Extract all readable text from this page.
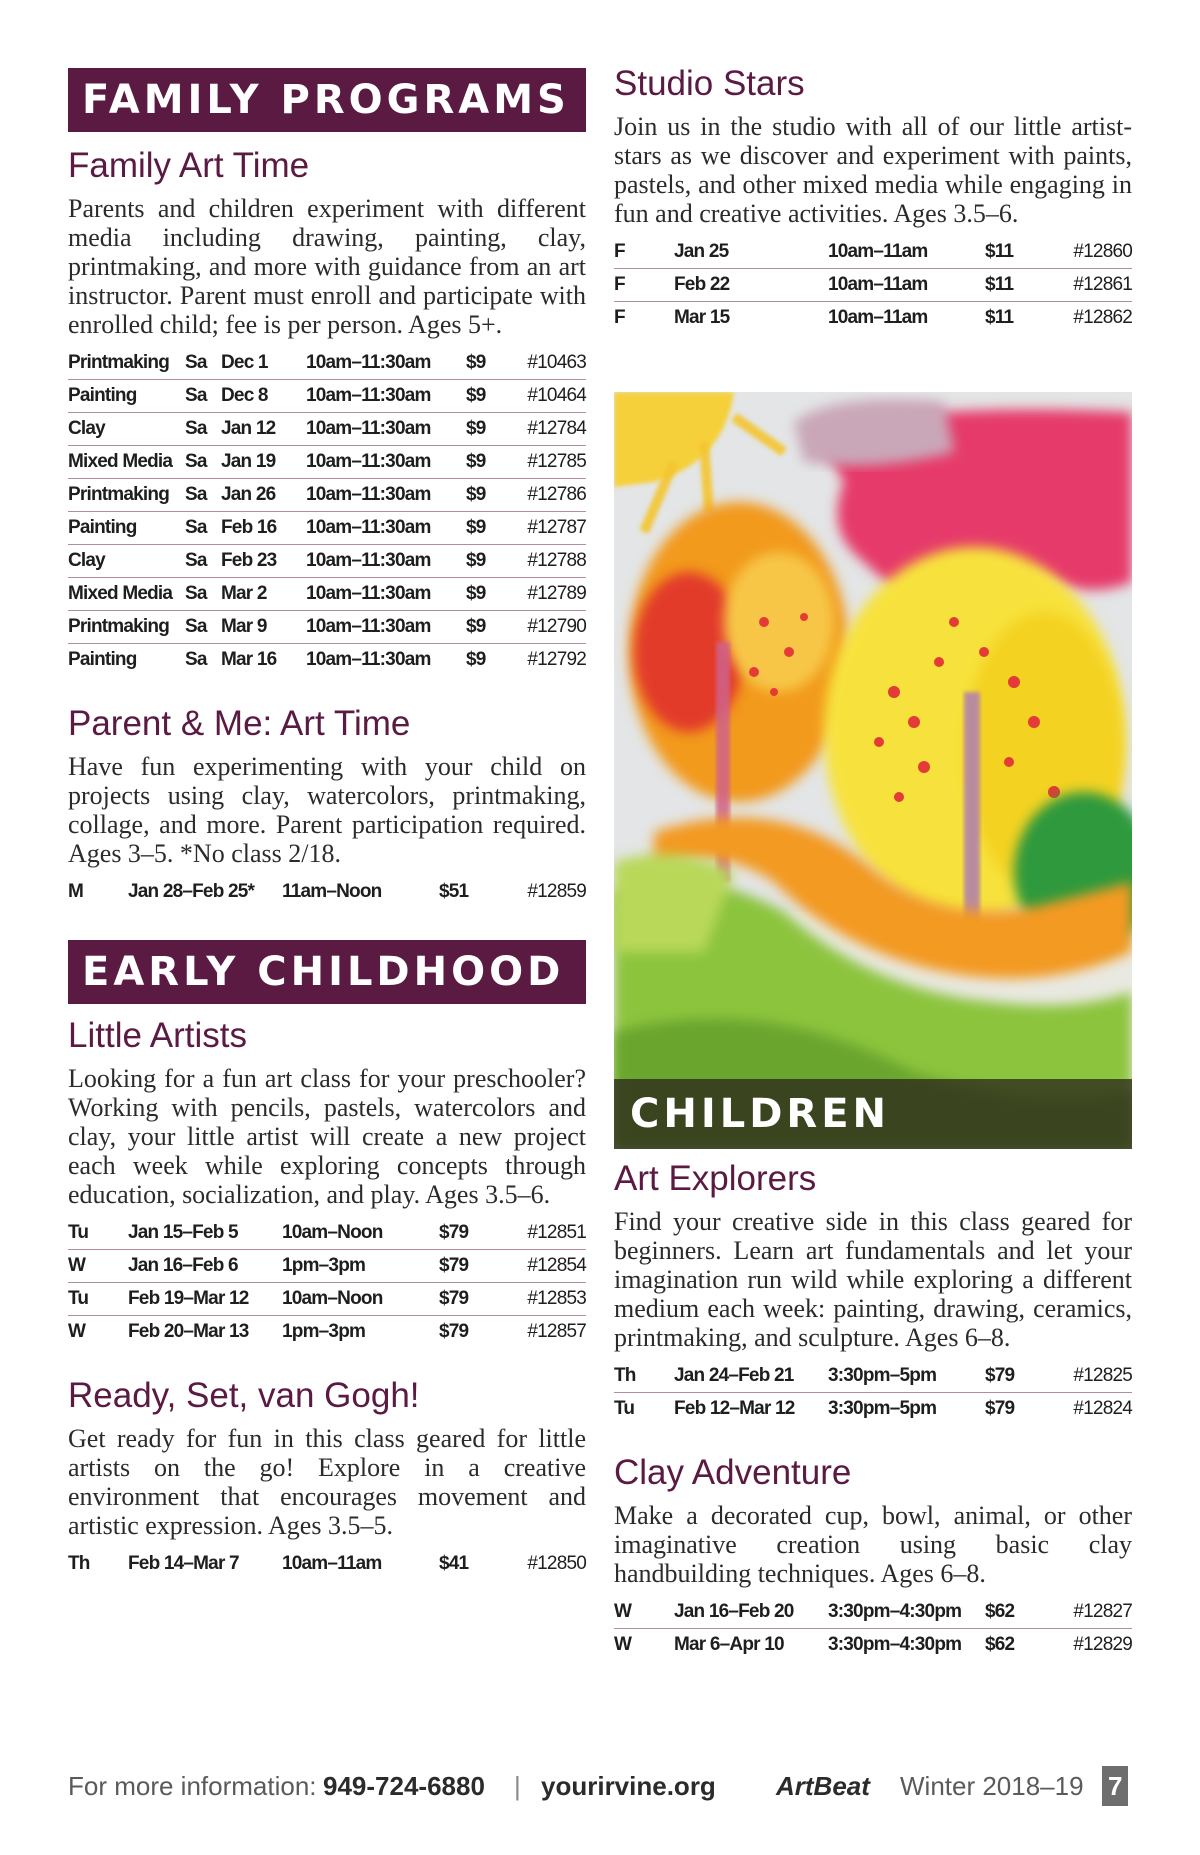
FAMILY PROGRAMS
Family Art Time

Parents and children experiment with different media including drawing, painting, clay, printmaking, and more with guidance from an art instructor. Parent must enroll and participate with enrolled child; fee is per person. Ages 5+.

Printmaking	Sa	Dec 1	10am–11:30am	$9	#10463
Painting	Sa	Dec 8	10am–11:30am	$9	#10464
Clay	Sa	Jan 12	10am–11:30am	$9	#12784
Mixed Media	Sa	Jan 19	10am–11:30am	$9	#12785
Printmaking	Sa	Jan 26	10am–11:30am	$9	#12786
Painting	Sa	Feb 16	10am–11:30am	$9	#12787
Clay	Sa	Feb 23	10am–11:30am	$9	#12788
Mixed Media	Sa	Mar 2	10am–11:30am	$9	#12789
Printmaking	Sa	Mar 9	10am–11:30am	$9	#12790
Painting	Sa	Mar 16	10am–11:30am	$9	#12792
Parent & Me: Art Time

Have fun experimenting with your child on projects using clay, watercolors, printmaking, collage, and more. Parent participation required. Ages 3–5. *No class 2/18.

M	Jan 28–Feb 25*	11am–Noon	$51	#12859
EARLY CHILDHOOD
Little Artists

Looking for a fun art class for your preschooler? Working with pencils, pastels, watercolors and clay, your little artist will create a new project each week while exploring concepts through education, socialization, and play. Ages 3.5–6.

Tu	Jan 15–Feb 5	10am–Noon	$79	#12851
W	Jan 16–Feb 6	1pm–3pm	$79	#12854
Tu	Feb 19–Mar 12	10am–Noon	$79	#12853
W	Feb 20–Mar 13	1pm–3pm	$79	#12857
Ready, Set, van Gogh!

Get ready for fun in this class geared for little artists on the go! Explore in a creative environment that encourages movement and artistic expression. Ages 3.5–5.

Th	Feb 14–Mar 7	10am–11am	$41	#12850
Studio Stars

Join us in the studio with all of our little artist-stars as we discover and experiment with paints, pastels, and other mixed media while engaging in fun and creative activities. Ages 3.5–6.

F	Jan 25	10am–11am	$11	#12860
F	Feb 22	10am–11am	$11	#12861
F	Mar 15	10am–11am	$11	#12862
CHILDREN
Art Explorers

Find your creative side in this class geared for beginners. Learn art fundamentals and let your imagination run wild while exploring a different medium each week: painting, drawing, ceramics, printmaking, and sculpture. Ages 6–8.

Th	Jan 24–Feb 21	3:30pm–5pm	$79	#12825
Tu	Feb 12–Mar 12	3:30pm–5pm	$79	#12824
Clay Adventure

Make a decorated cup, bowl, animal, or other imaginative creation using basic clay handbuilding techniques. Ages 6–8.

W	Jan 16–Feb 20	3:30pm–4:30pm	$62	#12827
W	Mar 6–Apr 10	3:30pm–4:30pm	$62	#12829
For more information: 949-724-6880 | yourirvine.org ArtBeat Winter 2018–19 7
